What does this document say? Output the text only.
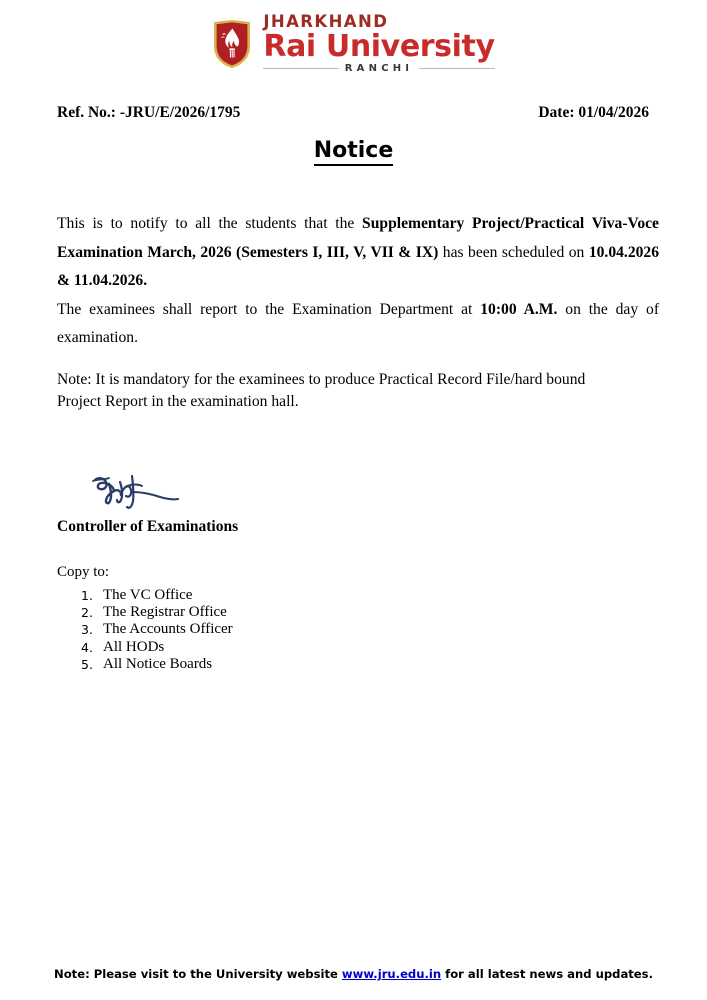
JHARKHAND
Rai University
RANCHI
Ref. No.: -JRU/E/2026/1795	Date: 01/04/2026
Notice

This is to notify to all the students that the Supplementary Project/Practical Viva-Voce Examination March, 2026 (Semesters I, III, V, VII & IX) has been scheduled on 10.04.2026 & 11.04.2026.
The examinees shall report to the Examination Department at 10:00 A.M. on the day of examination.

Note: It is mandatory for the examinees to produce Practical Record File/hard bound Project Report in the examination hall.

Controller of Examinations
Copy to:
1. The VC Office
2. The Registrar Office
3. The Accounts Officer
4. All HODs
5. All Notice Boards
Note: Please visit to the University website www.jru.edu.in for all latest news and updates.
